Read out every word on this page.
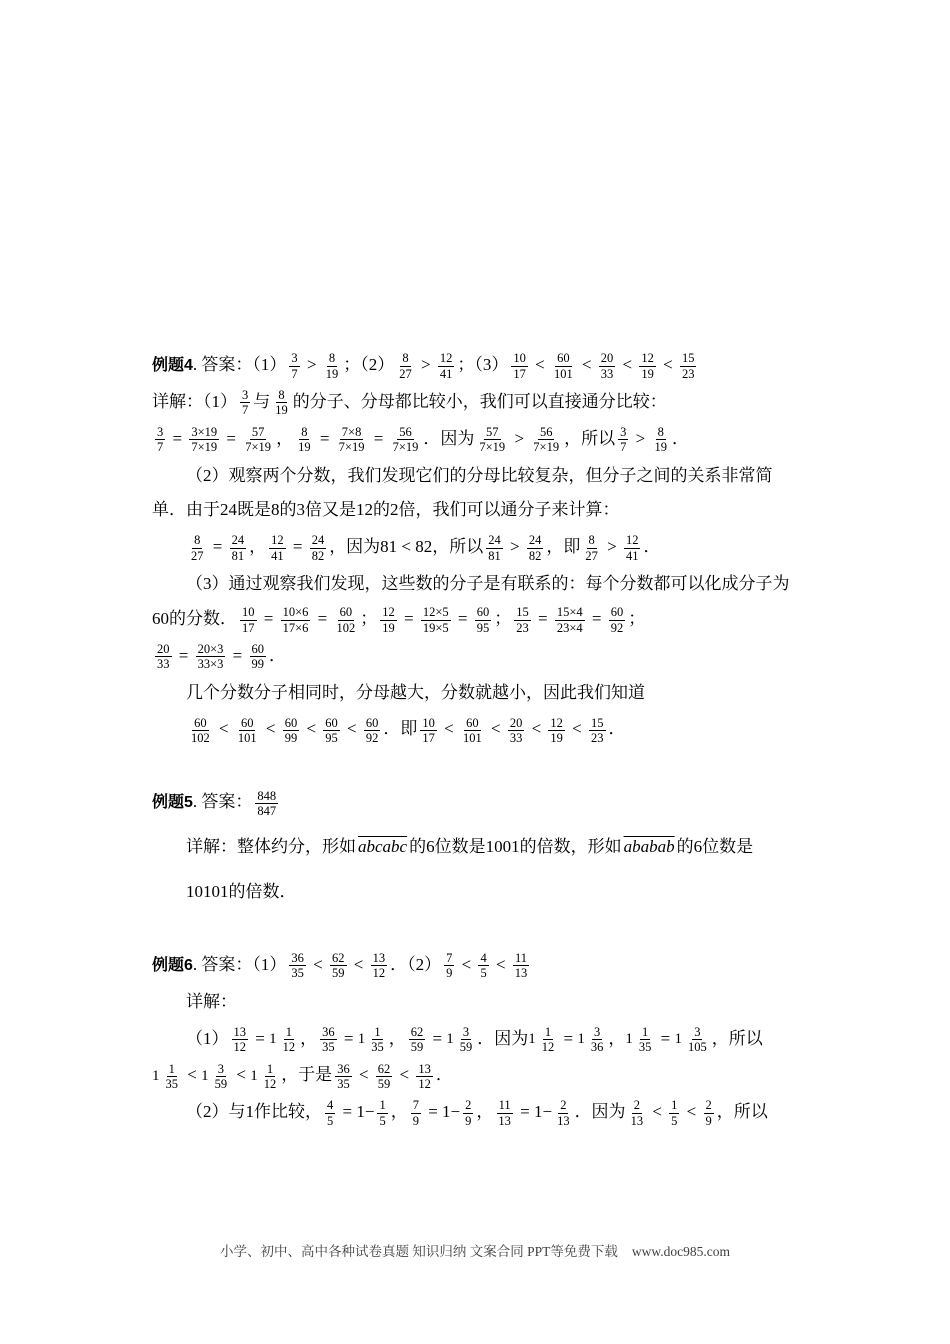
例题4. 答案：$(1) \frac{3}{7} > \frac{8}{19}$ ；$(2) \frac{8}{27} > \frac{12}{41}$ ；$(3) \frac{10}{17} < \frac{60}{101} < \frac{20}{33} < \frac{12}{19} < \frac{15}{23}$

详解：$(1) \frac{3}{7}$ 与 $\frac{8}{19}$ 的分子、分母都比较小，我们可以直接通分比较：

$\frac{3}{7} = \frac{3\times 19}{7\times 19} = \frac{57}{7\times 19}$ ， $\frac{8}{19} = \frac{7\times 8}{7\times 19} = \frac{56}{7\times 19}$ ．因为 $\frac{57}{7\times 19} > \frac{56}{7\times 19}$ ，所以 $\frac{3}{7} > \frac{8}{19}$ ．

（2）观察两个分数，我们发现它们的分母比较复杂，但分子之间的关系非常简单．由于24既是8的3倍又是12的2倍，我们可以通分子来计算：

$\frac{8}{27} = \frac{24}{81}$ ， $\frac{12}{41} = \frac{24}{82}$ ，因为81 < 82，所以 $\frac{24}{81} > \frac{24}{82}$ ，即 $\frac{8}{27} > \frac{12}{41}$ ．

（3）通过观察我们发现，这些数的分子是有联系的：每个分数都可以化成分子为60的分数． $\frac{10}{17} = \frac{10\times 6}{17\times 6} = \frac{60}{102}$ ； $\frac{12}{19} = \frac{12\times 5}{19\times 5} = \frac{60}{95}$ ； $\frac{15}{23} = \frac{15\times 4}{23\times 4} = \frac{60}{92}$ ；

$\frac{20}{33} = \frac{20\times 3}{33\times 3} = \frac{60}{99}$ ．

几个分数分子相同时，分母越大，分数就越小，因此我们知道

$\frac{60}{102} < \frac{60}{101} < \frac{60}{99} < \frac{60}{95} < \frac{60}{92}$ ．即 $\frac{10}{17} < \frac{60}{101} < \frac{20}{33} < \frac{12}{19} < \frac{15}{23}$ ．

例题5. 答案： $\frac{848}{847}$

详解：整体约分，形如 abcabc 的6位数是1001的倍数，形如 ababab 的6位数是

10101的倍数．

例题6. 答案：$(1) \frac{36}{35} < \frac{62}{59} < \frac{13}{12}$ ．$(2) \frac{7}{9} < \frac{4}{5} < \frac{11}{13}$

详解：

$(1) \frac{13}{12} = 1 \frac{1}{12}$ ， $\frac{36}{35} = 1 \frac{1}{35}$ ， $\frac{62}{59} = 1 \frac{3}{59}$ ．因为 $1 \frac{1}{12} = 1 \frac{3}{36}$ ， $1 \frac{1}{35} = 1 \frac{3}{105}$ ，所以

$1 \frac{1}{35} < 1 \frac{3}{59} < 1 \frac{1}{12}$ ，于是 $\frac{36}{35} < \frac{62}{59} < \frac{13}{12}$ ．

（2）与1作比较， $\frac{4}{5} = 1- \frac{1}{5}$ ， $\frac{7}{9} = 1- \frac{2}{9}$ ， $\frac{11}{13} = 1- \frac{2}{13}$ ．因为 $\frac{2}{13} < \frac{1}{5} < \frac{2}{9}$ ，所以

小学、初中、高中各种试卷真题 知识归纳 文案合同 PPT等免费下载 www.doc985.com
